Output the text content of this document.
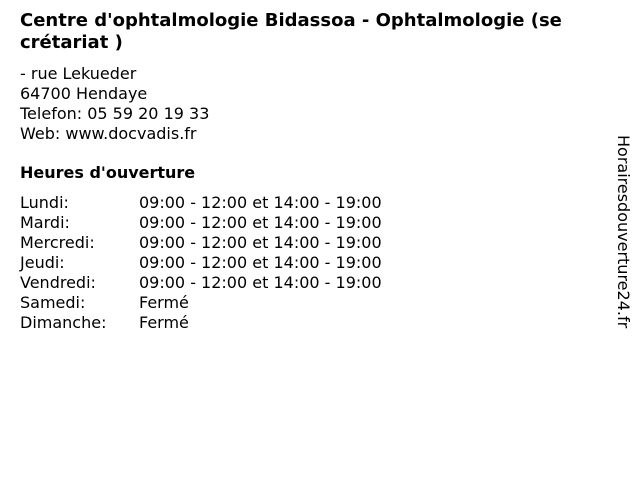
Centre d'ophtalmologie Bidassoa - Ophtalmologie (se
crétariat )
- rue Lekueder
64700 Hendaye
Telefon: 05 59 20 19 33
Web: www.docvadis.fr
Heures d'ouverture
Lundi:	09:00 - 12:00 et 14:00 - 19:00
Mardi:	09:00 - 12:00 et 14:00 - 19:00
Mercredi:	09:00 - 12:00 et 14:00 - 19:00
Jeudi:	09:00 - 12:00 et 14:00 - 19:00
Vendredi:	09:00 - 12:00 et 14:00 - 19:00
Samedi:	Fermé
Dimanche:	Fermé	Horairesdouverture24.fr
